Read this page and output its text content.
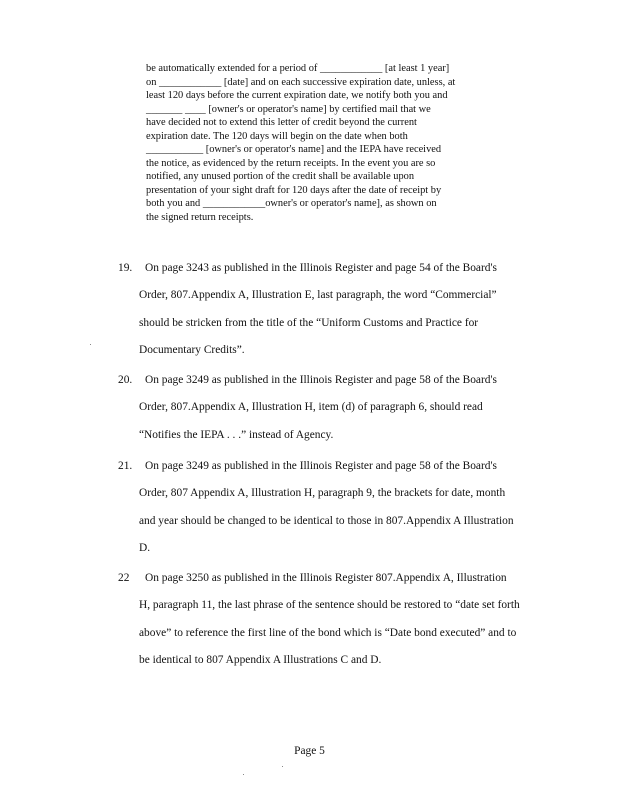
be automatically extended for a period of ____________ [at least 1 year]
on ____________ [date] and on each successive expiration date, unless, at
least 120 days before the current expiration date, we notify both you and
_______ ____ [owner's or operator's name] by certified mail that we
have decided not to extend this letter of credit beyond the current
expiration date. The 120 days will begin on the date when both
___________ [owner's or operator's name] and the IEPA have received
the notice, as evidenced by the return receipts. In the event you are so
notified, any unused portion of the credit shall be available upon
presentation of your sight draft for 120 days after the date of receipt by
both you and ____________owner's or operator's name], as shown on
the signed return receipts.
19. On page 3243 as published in the Illinois Register and page 54 of the Board's
Order, 807.Appendix A, Illustration E, last paragraph, the word “Commercial”
should be stricken from the title of the “Uniform Customs and Practice for
Documentary Credits”.
20. On page 3249 as published in the Illinois Register and page 58 of the Board's
Order, 807.Appendix A, Illustration H, item (d) of paragraph 6, should read
“Notifies the IEPA . . .” instead of Agency.
21. On page 3249 as published in the Illinois Register and page 58 of the Board's
Order, 807 Appendix A, Illustration H, paragraph 9, the brackets for date, month
and year should be changed to be identical to those in 807.Appendix A Illustration
D.
22 On page 3250 as published in the Illinois Register 807.Appendix A, Illustration
H, paragraph 11, the last phrase of the sentence should be restored to “date set forth
above” to reference the first line of the bond which is “Date bond executed” and to
be identical to 807 Appendix A Illustrations C and D.
Page 5
